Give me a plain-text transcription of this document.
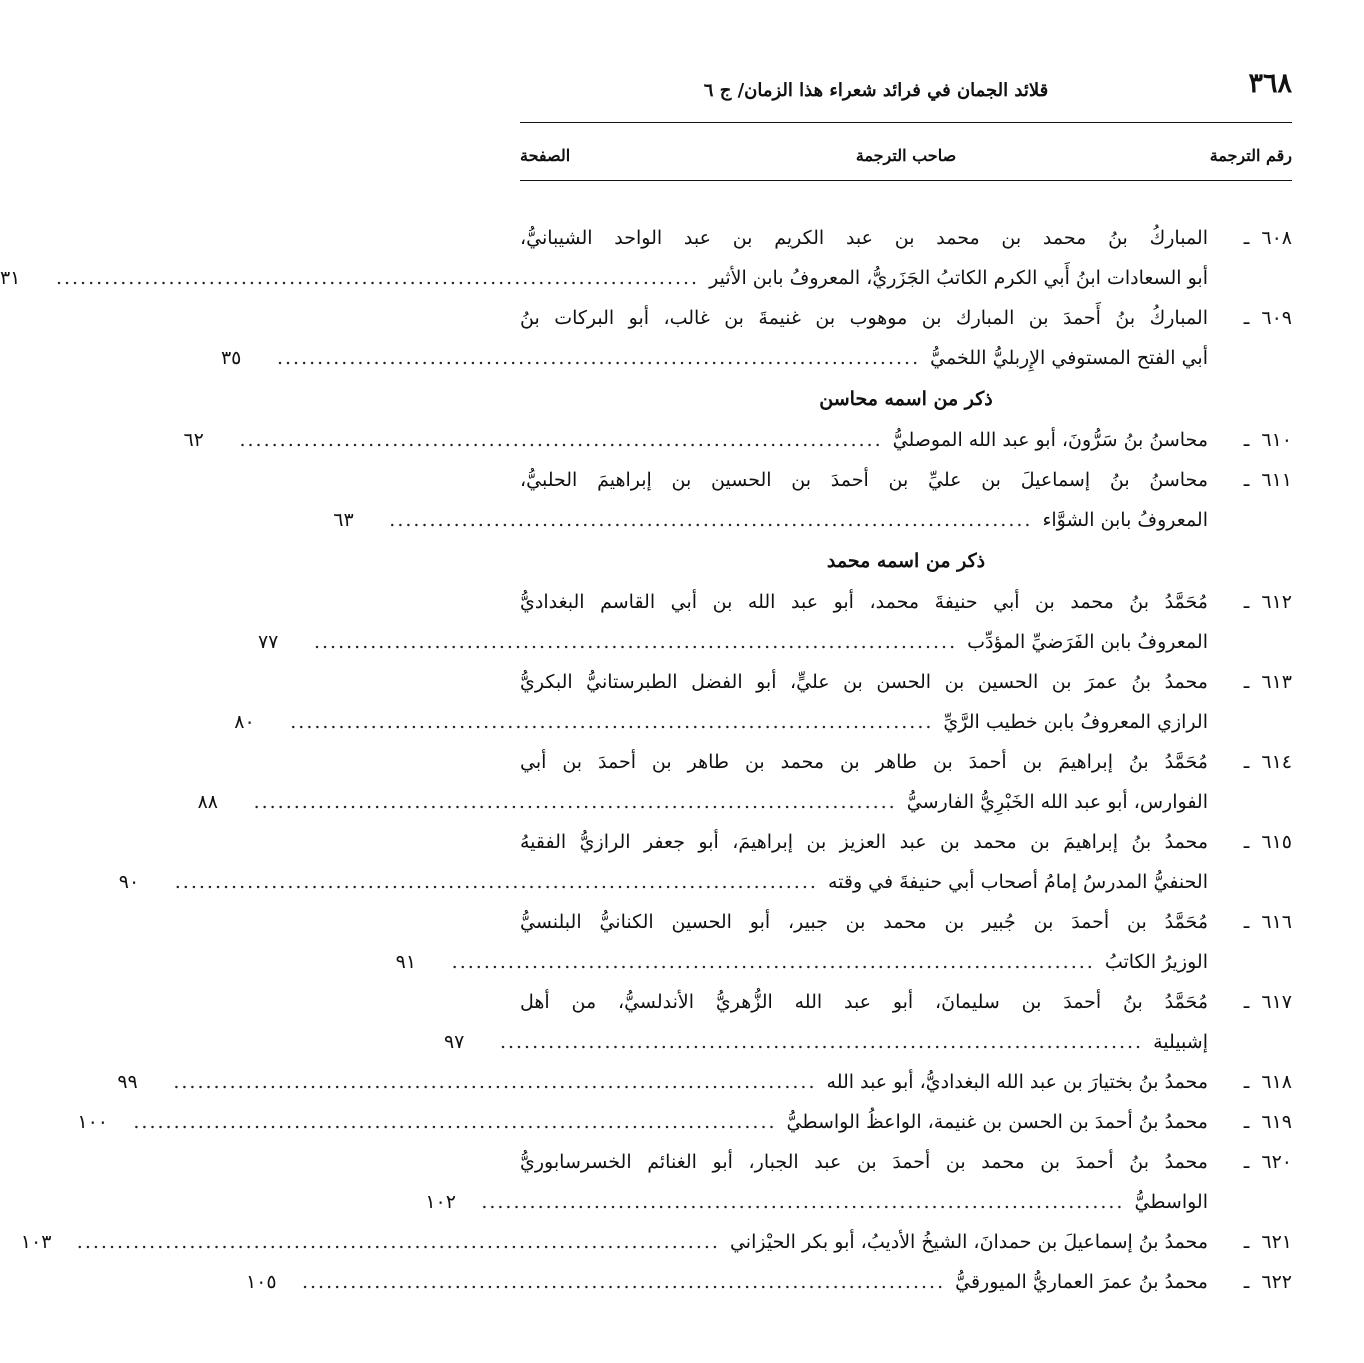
٣٦٨
قلائد الجمان في فرائد شعراء هذا الزمان/ ج ٦
رقم الترجمة
صاحب الترجمة
الصفحة
٦٠٨ـ
المباركُ بنُ محمد بن محمد بن عبد الكريم بن عبد الواحد الشيبانيُّ،
أبو السعادات ابنُ أَبي الكرم الكاتبُ الجَزَريُّ، المعروفُ بابن الأثير
................................................................................
٣١
٦٠٩ـ
المباركُ بنُ أَحمدَ بن المبارك بن موهوب بن غنيمةَ بن غالب، أبو البركات بنُ
أبي الفتح المستوفي الإِربليُّ اللخميُّ
................................................................................
٣٥
ذكر من اسمه محاسن
٦١٠ـ
محاسنُ بنُ سَرُّونَ، أبو عبد الله الموصليُّ
................................................................................
٦٢
٦١١ـ
محاسنُ بنُ إسماعيلَ بن عليِّ بن أحمدَ بن الحسين بن إبراهيمَ الحلبيُّ،
المعروفُ بابن الشوَّاء
................................................................................
٦٣
ذكر من اسمه محمد
٦١٢ـ
مُحَمَّدُ بنُ محمد بن أبي حنيفةَ محمد، أبو عبد الله بن أبي القاسم البغداديُّ
المعروفُ بابن الفَرَضيِّ المؤدِّب
................................................................................
٧٧
٦١٣ـ
محمدُ بنُ عمرَ بن الحسين بن الحسن بن عليٍّ، أبو الفضل الطبرستانيُّ البكريُّ
الرازي المعروفُ بابن خطيب الرَّيِّ
................................................................................
٨٠
٦١٤ـ
مُحَمَّدُ بنُ إبراهيمَ بن أحمدَ بن طاهر بن محمد بن طاهر بن أحمدَ بن أبي
الفوارس، أبو عبد الله الخَبْرِيُّ الفارسيُّ
................................................................................
٨٨
٦١٥ـ
محمدُ بنُ إبراهيمَ بن محمد بن عبد العزيز بن إبراهيمَ، أبو جعفر الرازيُّ الفقيهُ
الحنفيُّ المدرسُ إمامُ أصحاب أبي حنيفةَ في وقته
................................................................................
٩٠
٦١٦ـ
مُحَمَّدُ بن أحمدَ بن جُبير بن محمد بن جبير، أبو الحسين الكنانيُّ البلنسيُّ
الوزيرُ الكاتبُ
................................................................................
٩١
٦١٧ـ
مُحَمَّدُ بنُ أحمدَ بن سليمانَ، أبو عبد الله الزُّهريُّ الأندلسيُّ، من أهل
إشبيلية
................................................................................
٩٧
٦١٨ـ
محمدُ بنُ بختيارَ بن عبد الله البغداديُّ، أبو عبد الله
................................................................................
٩٩
٦١٩ـ
محمدُ بنُ أحمدَ بن الحسن بن غنيمة، الواعظُ الواسطيُّ
................................................................................
١٠٠
٦٢٠ـ
محمدُ بنُ أحمدَ بن محمد بن أحمدَ بن عبد الجبار، أبو الغنائم الخسرسابوريُّ
الواسطيُّ
................................................................................
١٠٢
٦٢١ـ
محمدُ بنُ إسماعيلَ بن حمدانَ، الشيخُ الأديبُ، أبو بكر الحيْزاني
................................................................................
١٠٣
٦٢٢ـ
محمدُ بنُ عمرَ العماريُّ الميورقيُّ
................................................................................
١٠٥
